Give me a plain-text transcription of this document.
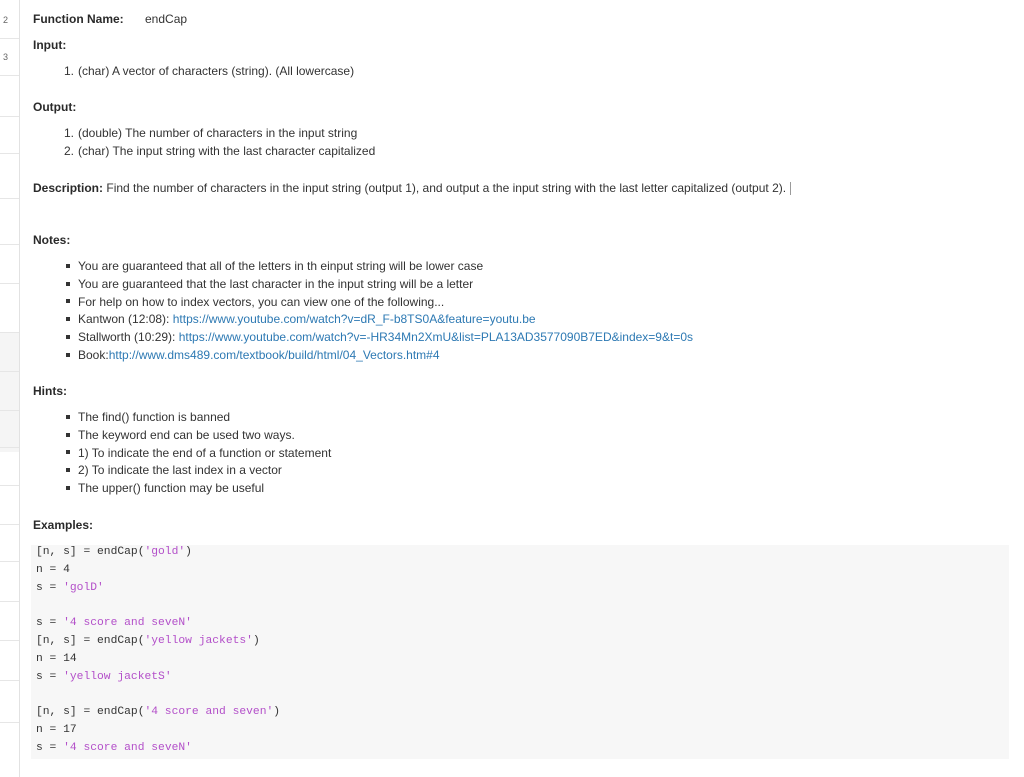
2
3
Function Name: endCap
Input:
1. (char) A vector of characters (string). (All lowercase)
Output:
1. (double) The number of characters in the input string
2. (char) The input string with the last character capitalized
Description: Find the number of characters in the input string (output 1), and output a the input string with the last letter capitalized (output 2).
Notes:
You are guaranteed that all of the letters in th einput string will be lower case
You are guaranteed that the last character in the input string will be a letter
For help on how to index vectors, you can view one of the following...
Kantwon (12:08): https://www.youtube.com/watch?v=dR_F-b8TS0A&feature=youtu.be
Stallworth (10:29): https://www.youtube.com/watch?v=-HR34Mn2XmU&list=PLA13AD3577090B7ED&index=9&t=0s
Book:http://www.dms489.com/textbook/build/html/04_Vectors.htm#4
Hints:
The find() function is banned
The keyword end can be used two ways.
1) To indicate the end of a function or statement
2) To indicate the last index in a vector
The upper() function may be useful
Examples:
[n, s] = endCap('gold')
n = 4
s = 'golD'
s = '4 score and seveN'
[n, s] = endCap('yellow jackets')
n = 14
s = 'yellow jacketS'
[n, s] = endCap('4 score and seven')
n = 17
s = '4 score and seveN'
